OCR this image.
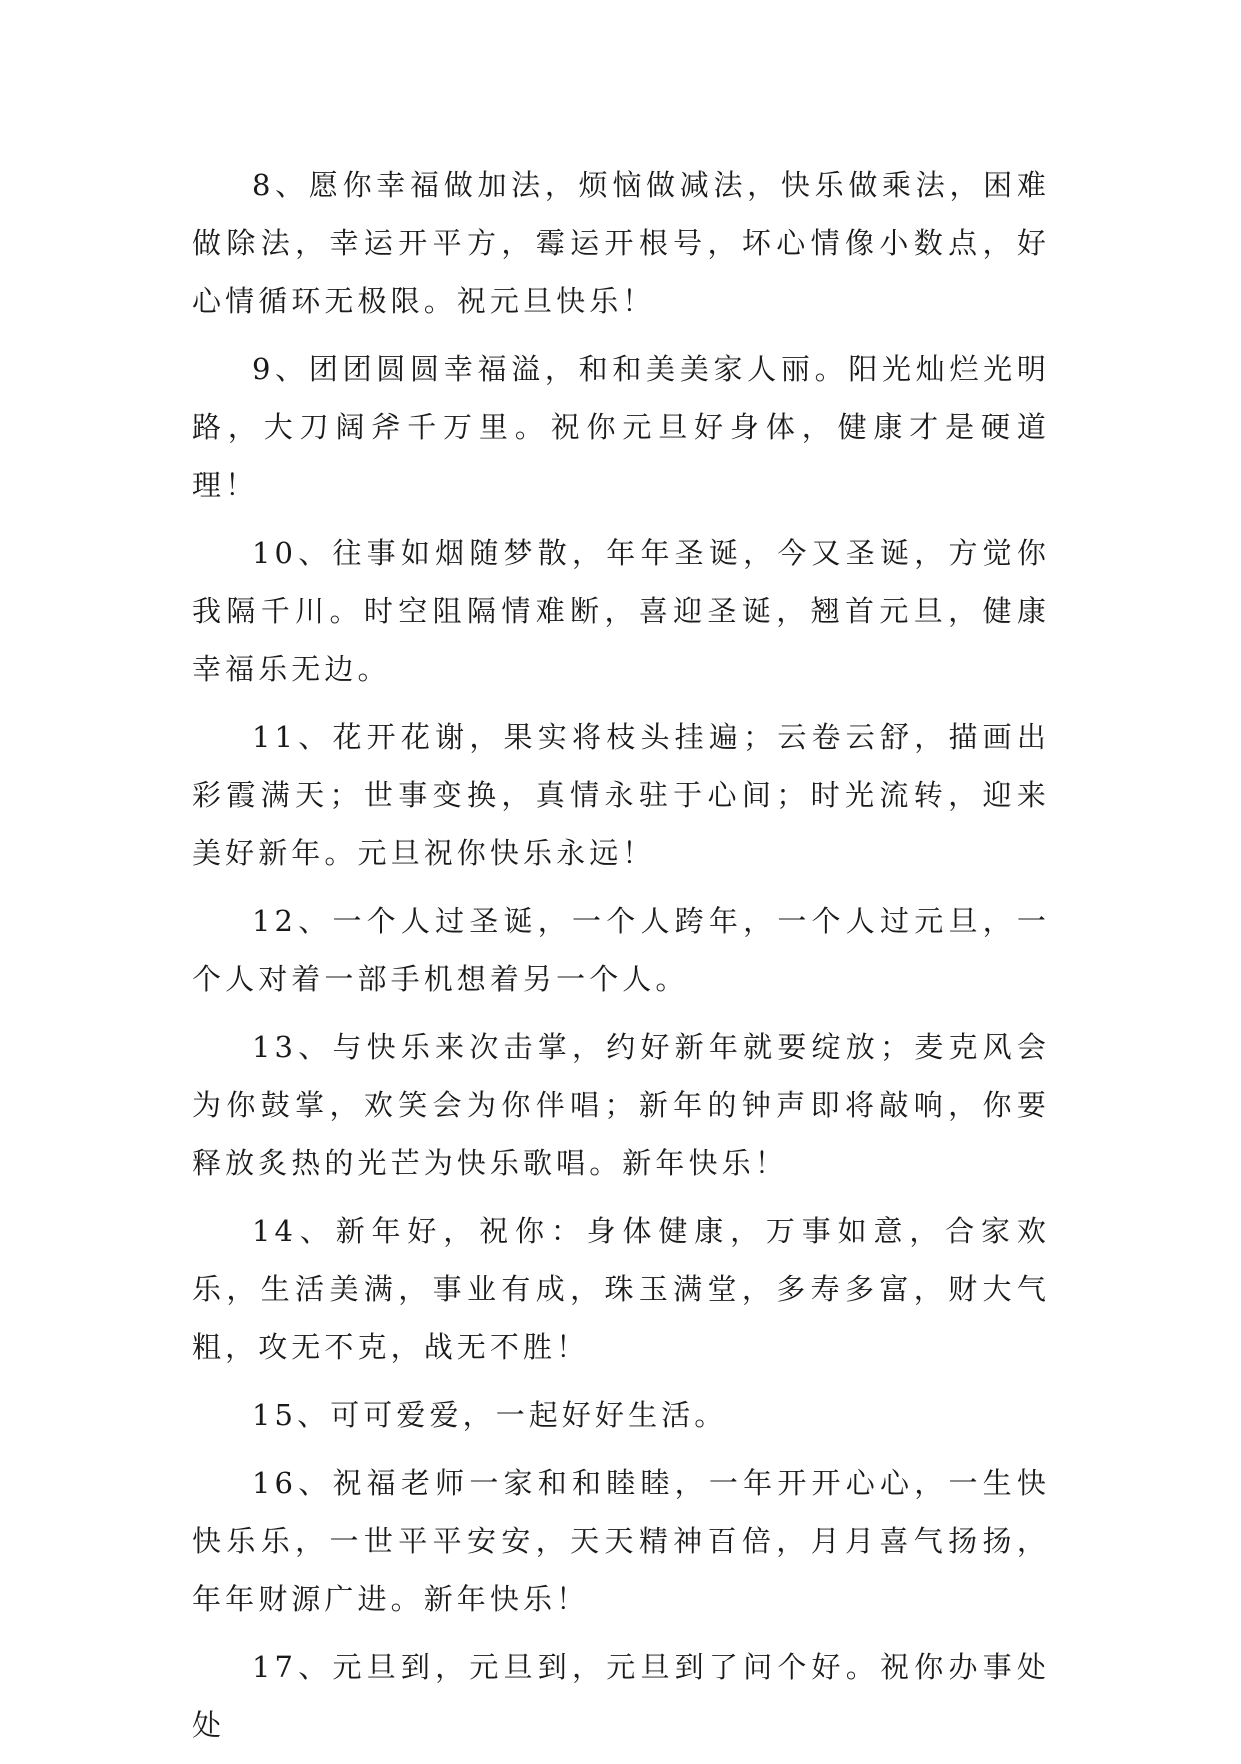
8、愿你幸福做加法，烦恼做减法，快乐做乘法，困难做除法，幸运开平方，霉运开根号，坏心情像小数点，好心情循环无极限。祝元旦快乐！

9、团团圆圆幸福溢，和和美美家人丽。阳光灿烂光明路，大刀阔斧千万里。祝你元旦好身体，健康才是硬道理！

10、往事如烟随梦散，年年圣诞，今又圣诞，方觉你我隔千川。时空阻隔情难断，喜迎圣诞，翘首元旦，健康幸福乐无边。

11、花开花谢，果实将枝头挂遍；云卷云舒，描画出彩霞满天；世事变换，真情永驻于心间；时光流转，迎来美好新年。元旦祝你快乐永远！

12、一个人过圣诞，一个人跨年，一个人过元旦，一个人对着一部手机想着另一个人。

13、与快乐来次击掌，约好新年就要绽放；麦克风会为你鼓掌，欢笑会为你伴唱；新年的钟声即将敲响，你要释放炙热的光芒为快乐歌唱。新年快乐！

14、新年好，祝你：身体健康，万事如意，合家欢乐，生活美满，事业有成，珠玉满堂，多寿多富，财大气粗，攻无不克，战无不胜！

15、可可爱爱，一起好好生活。

16、祝福老师一家和和睦睦，一年开开心心，一生快快乐乐，一世平平安安，天天精神百倍，月月喜气扬扬，年年财源广进。新年快乐！

17、元旦到，元旦到，元旦到了问个好。祝你办事处处
